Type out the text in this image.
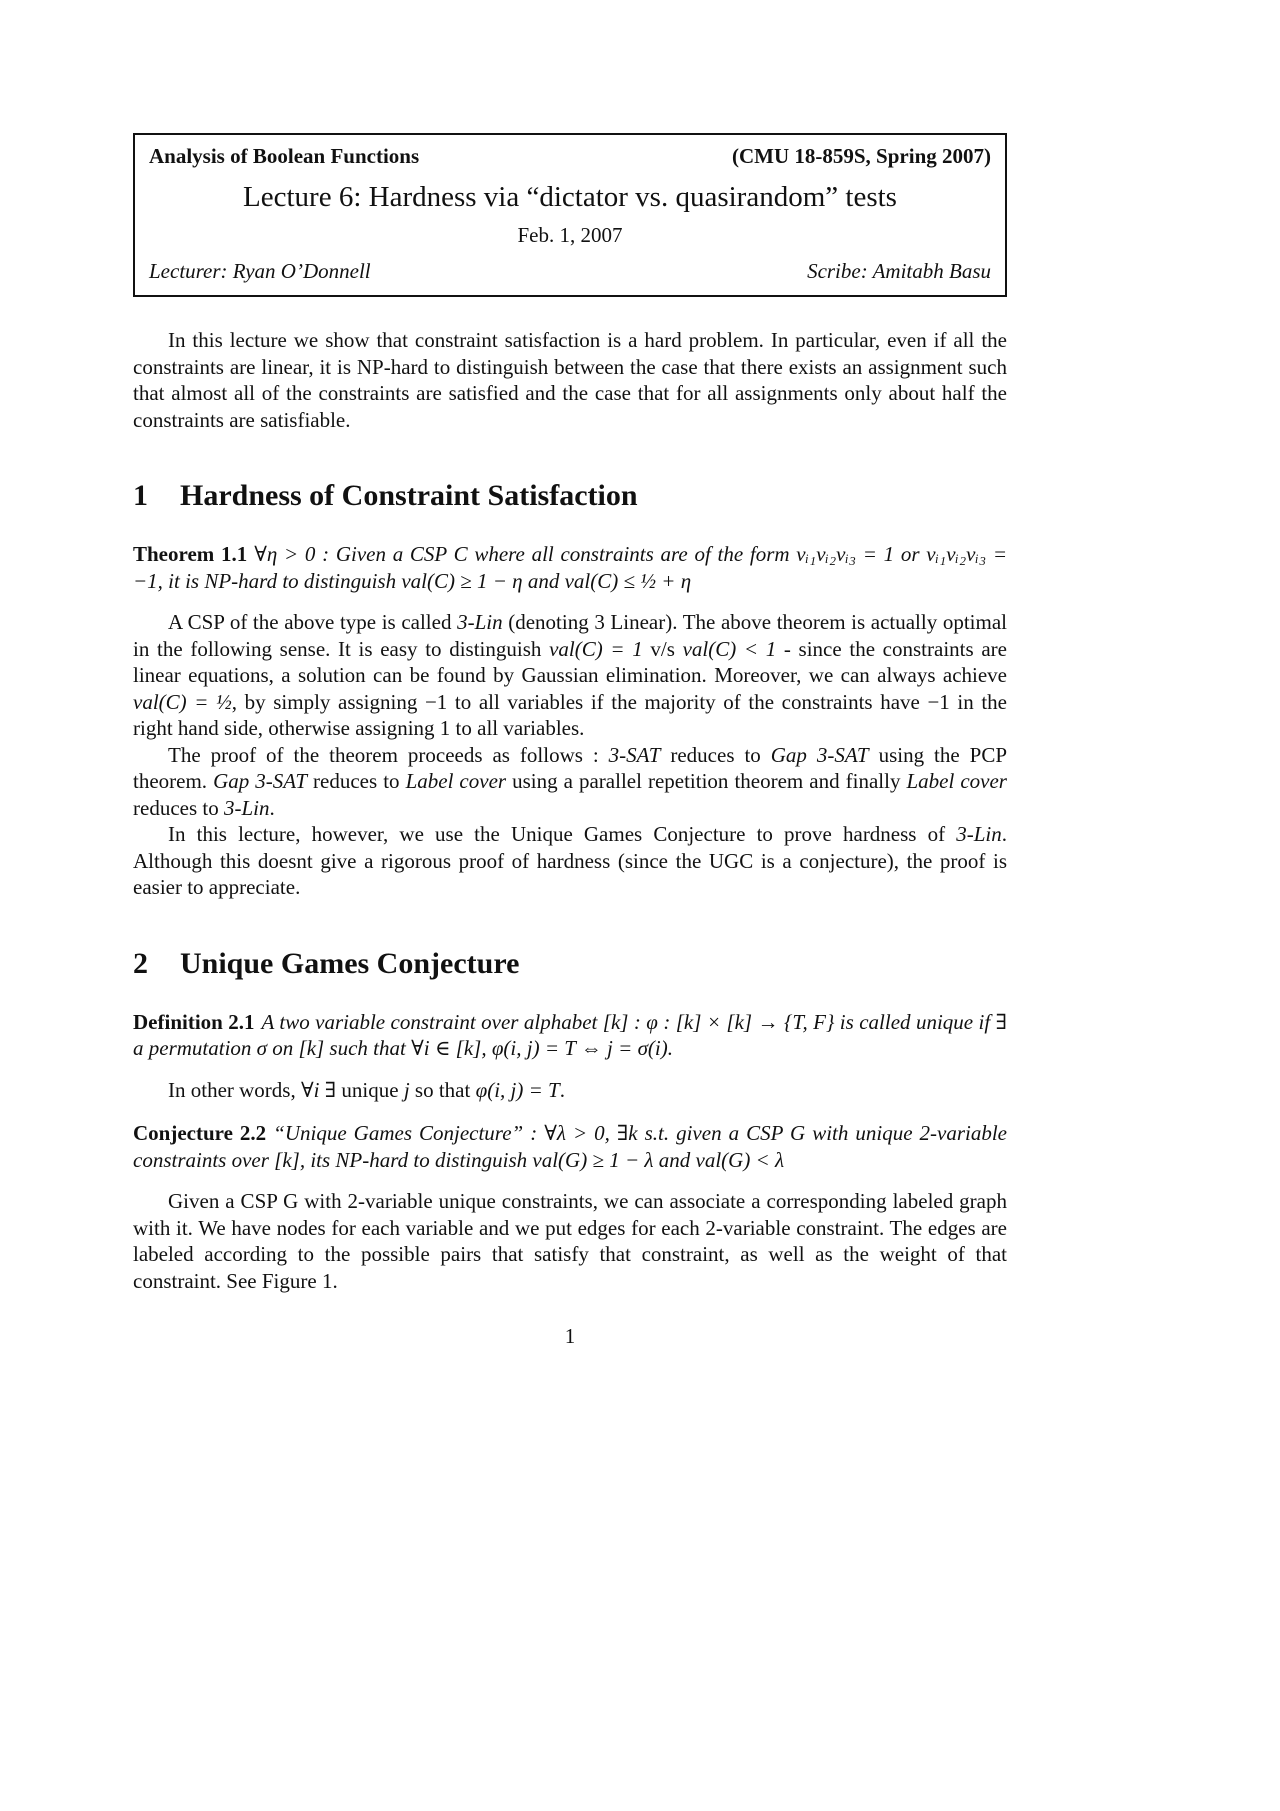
Analysis of Boolean Functions	(CMU 18-859S, Spring 2007)
Lecture 6: Hardness via “dictator vs. quasirandom” tests
Feb. 1, 2007
Lecturer: Ryan O’Donnell	Scribe: Amitabh Basu

In this lecture we show that constraint satisfaction is a hard problem. In particular, even if all the constraints are linear, it is NP-hard to distinguish between the case that there exists an assignment such that almost all of the constraints are satisfied and the case that for all assignments only about half the constraints are satisfiable.

1 Hardness of Constraint Satisfaction

Theorem 1.1 ∀η > 0 : Given a CSP C where all constraints are of the form vᵢ₁vᵢ₂vᵢ₃ = 1 or vᵢ₁vᵢ₂vᵢ₃ = −1, it is NP-hard to distinguish val(C) ≥ 1 − η and val(C) ≤ ½ + η

A CSP of the above type is called 3-Lin (denoting 3 Linear). The above theorem is actually optimal in the following sense. It is easy to distinguish val(C) = 1 v/s val(C) < 1 - since the constraints are linear equations, a solution can be found by Gaussian elimination. Moreover, we can always achieve val(C) = ½, by simply assigning −1 to all variables if the majority of the constraints have −1 in the right hand side, otherwise assigning 1 to all variables.

The proof of the theorem proceeds as follows : 3-SAT reduces to Gap 3-SAT using the PCP theorem. Gap 3-SAT reduces to Label cover using a parallel repetition theorem and finally Label cover reduces to 3-Lin.

In this lecture, however, we use the Unique Games Conjecture to prove hardness of 3-Lin. Although this doesnt give a rigorous proof of hardness (since the UGC is a conjecture), the proof is easier to appreciate.

2 Unique Games Conjecture

Definition 2.1 A two variable constraint over alphabet [k] : φ : [k] × [k] → {T, F} is called unique if ∃ a permutation σ on [k] such that ∀i ∈ [k], φ(i, j) = T ⇔ j = σ(i).

In other words, ∀i ∃ unique j so that φ(i, j) = T.

Conjecture 2.2 “Unique Games Conjecture” : ∀λ > 0, ∃k s.t. given a CSP G with unique 2-variable constraints over [k], its NP-hard to distinguish val(G) ≥ 1 − λ and val(G) < λ

Given a CSP G with 2-variable unique constraints, we can associate a corresponding labeled graph with it. We have nodes for each variable and we put edges for each 2-variable constraint. The edges are labeled according to the possible pairs that satisfy that constraint, as well as the weight of that constraint. See Figure 1.

1
